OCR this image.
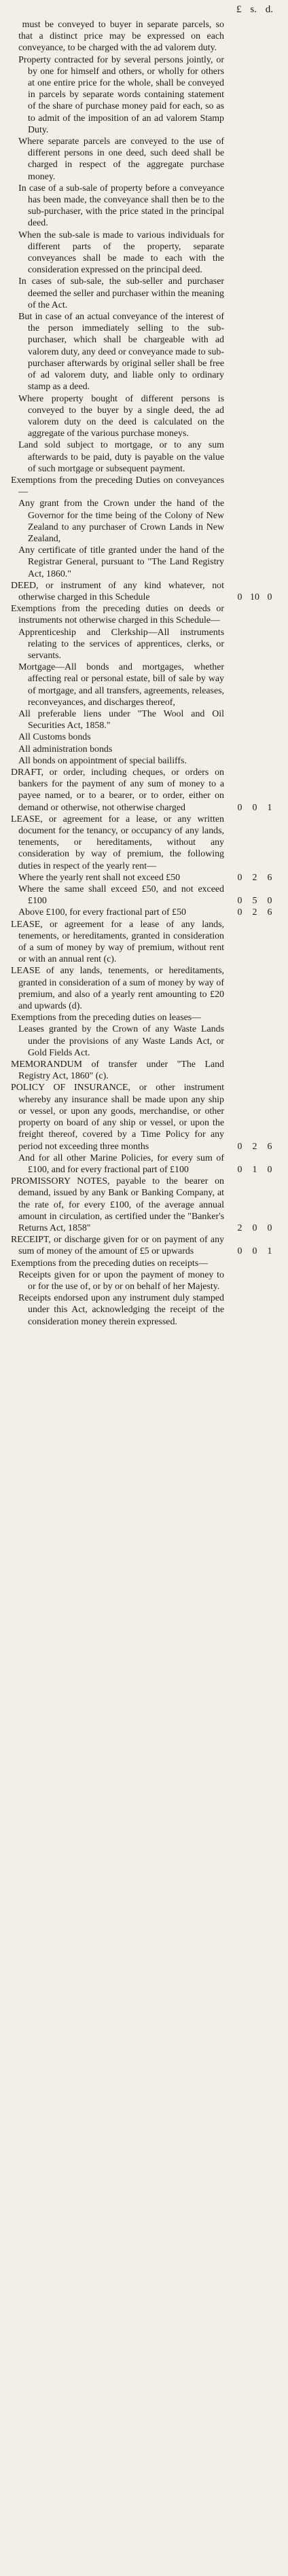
£ s. d.
must be conveyed to buyer in separate parcels, so that a distinct price may be expressed on each conveyance, to be charged with the ad valorem duty.
Property contracted for by several persons jointly, or by one for himself and others, or wholly for others at one entire price for the whole, shall be conveyed in parcels by separate words containing statement of the share of purchase money paid for each, so as to admit of the imposition of an ad valorem Stamp Duty.
Where separate parcels are conveyed to the use of different persons in one deed, such deed shall be charged in respect of the aggregate purchase money.
In case of a sub-sale of property before a conveyance has been made, the conveyance shall then be to the sub-purchaser, with the price stated in the principal deed.
When the sub-sale is made to various individuals for different parts of the property, separate conveyances shall be made to each with the consideration expressed on the principal deed.
In cases of sub-sale, the sub-seller and purchaser deemed the seller and purchaser within the meaning of the Act.
But in case of an actual conveyance of the interest of the person immediately selling to the sub-purchaser, which shall be chargeable with ad valorem duty, any deed or conveyance made to sub-purchaser afterwards by original seller shall be free of ad valorem duty, and liable only to ordinary stamp as a deed.
Where property bought of different persons is conveyed to the buyer by a single deed, the ad valorem duty on the deed is calculated on the aggregate of the various purchase moneys.
Land sold subject to mortgage, or to any sum afterwards to be paid, duty is payable on the value of such mortgage or subsequent payment.
Exemptions from the preceding Duties on conveyances—
Any grant from the Crown under the hand of the Governor for the time being of the Colony of New Zealand to any purchaser of Crown Lands in New Zealand,
Any certificate of title granted under the hand of the Registrar General, pursuant to "The Land Registry Act, 1860."
DEED, or instrument of any kind whatever, not otherwise charged in this Schedule	0 10 0
Exemptions from the preceding duties on deeds or instruments not otherwise charged in this Schedule—
Apprenticeship and Clerkship—All instruments relating to the services of apprentices, clerks, or servants.
Mortgage—All bonds and mortgages, whether affecting real or personal estate, bill of sale by way of mortgage, and all transfers, agreements, releases, reconveyances, and discharges thereof,
All preferable liens under "The Wool and Oil Securities Act, 1858."
All Customs bonds
All administration bonds
All bonds on appointment of special bailiffs.
DRAFT, or order, including cheques, or orders on bankers for the payment of any sum of money to a payee named, or to a bearer, or to order, either on demand or otherwise, not otherwise charged	0 0 1
LEASE, or agreement for a lease, or any written document for the tenancy, or occupancy of any lands, tenements, or hereditaments, without any consideration by way of premium, the following duties in respect of the yearly rent—
Where the yearly rent shall not exceed £50	0 2 6
Where the same shall exceed £50, and not exceed £100	0 5 0
Above £100, for every fractional part of £50	0 2 6
LEASE, or agreement for a lease of any lands, tenements, or hereditaments, granted in consideration of a sum of money by way of premium, without rent or with an annual rent (c).
LEASE of any lands, tenements, or hereditaments, granted in consideration of a sum of money by way of premium, and also of a yearly rent amounting to £20 and upwards (d).
Exemptions from the preceding duties on leases—
Leases granted by the Crown of any Waste Lands under the provisions of any Waste Lands Act, or Gold Fields Act.
MEMORANDUM of transfer under "The Land Registry Act, 1860" (c).
POLICY OF INSURANCE, or other instrument whereby any insurance shall be made upon any ship or vessel, or upon any goods, merchandise, or other property on board of any ship or vessel, or upon the freight thereof, covered by a Time Policy for any period not exceeding three months	0 2 6
And for all other Marine Policies, for every sum of £100, and for every fractional part of £100	0 1 0
PROMISSORY NOTES, payable to the bearer on demand, issued by any Bank or Banking Company, at the rate of, for every £100, of the average annual amount in circulation, as certified under the "Banker's Returns Act, 1858"	2 0 0
RECEIPT, or discharge given for or on payment of any sum of money of the amount of £5 or upwards	0 0 1
Exemptions from the preceding duties on receipts—
Receipts given for or upon the payment of money to or for the use of, or by or on behalf of her Majesty.
Receipts endorsed upon any instrument duly stamped under this Act, acknowledging the receipt of the consideration money therein expressed.
